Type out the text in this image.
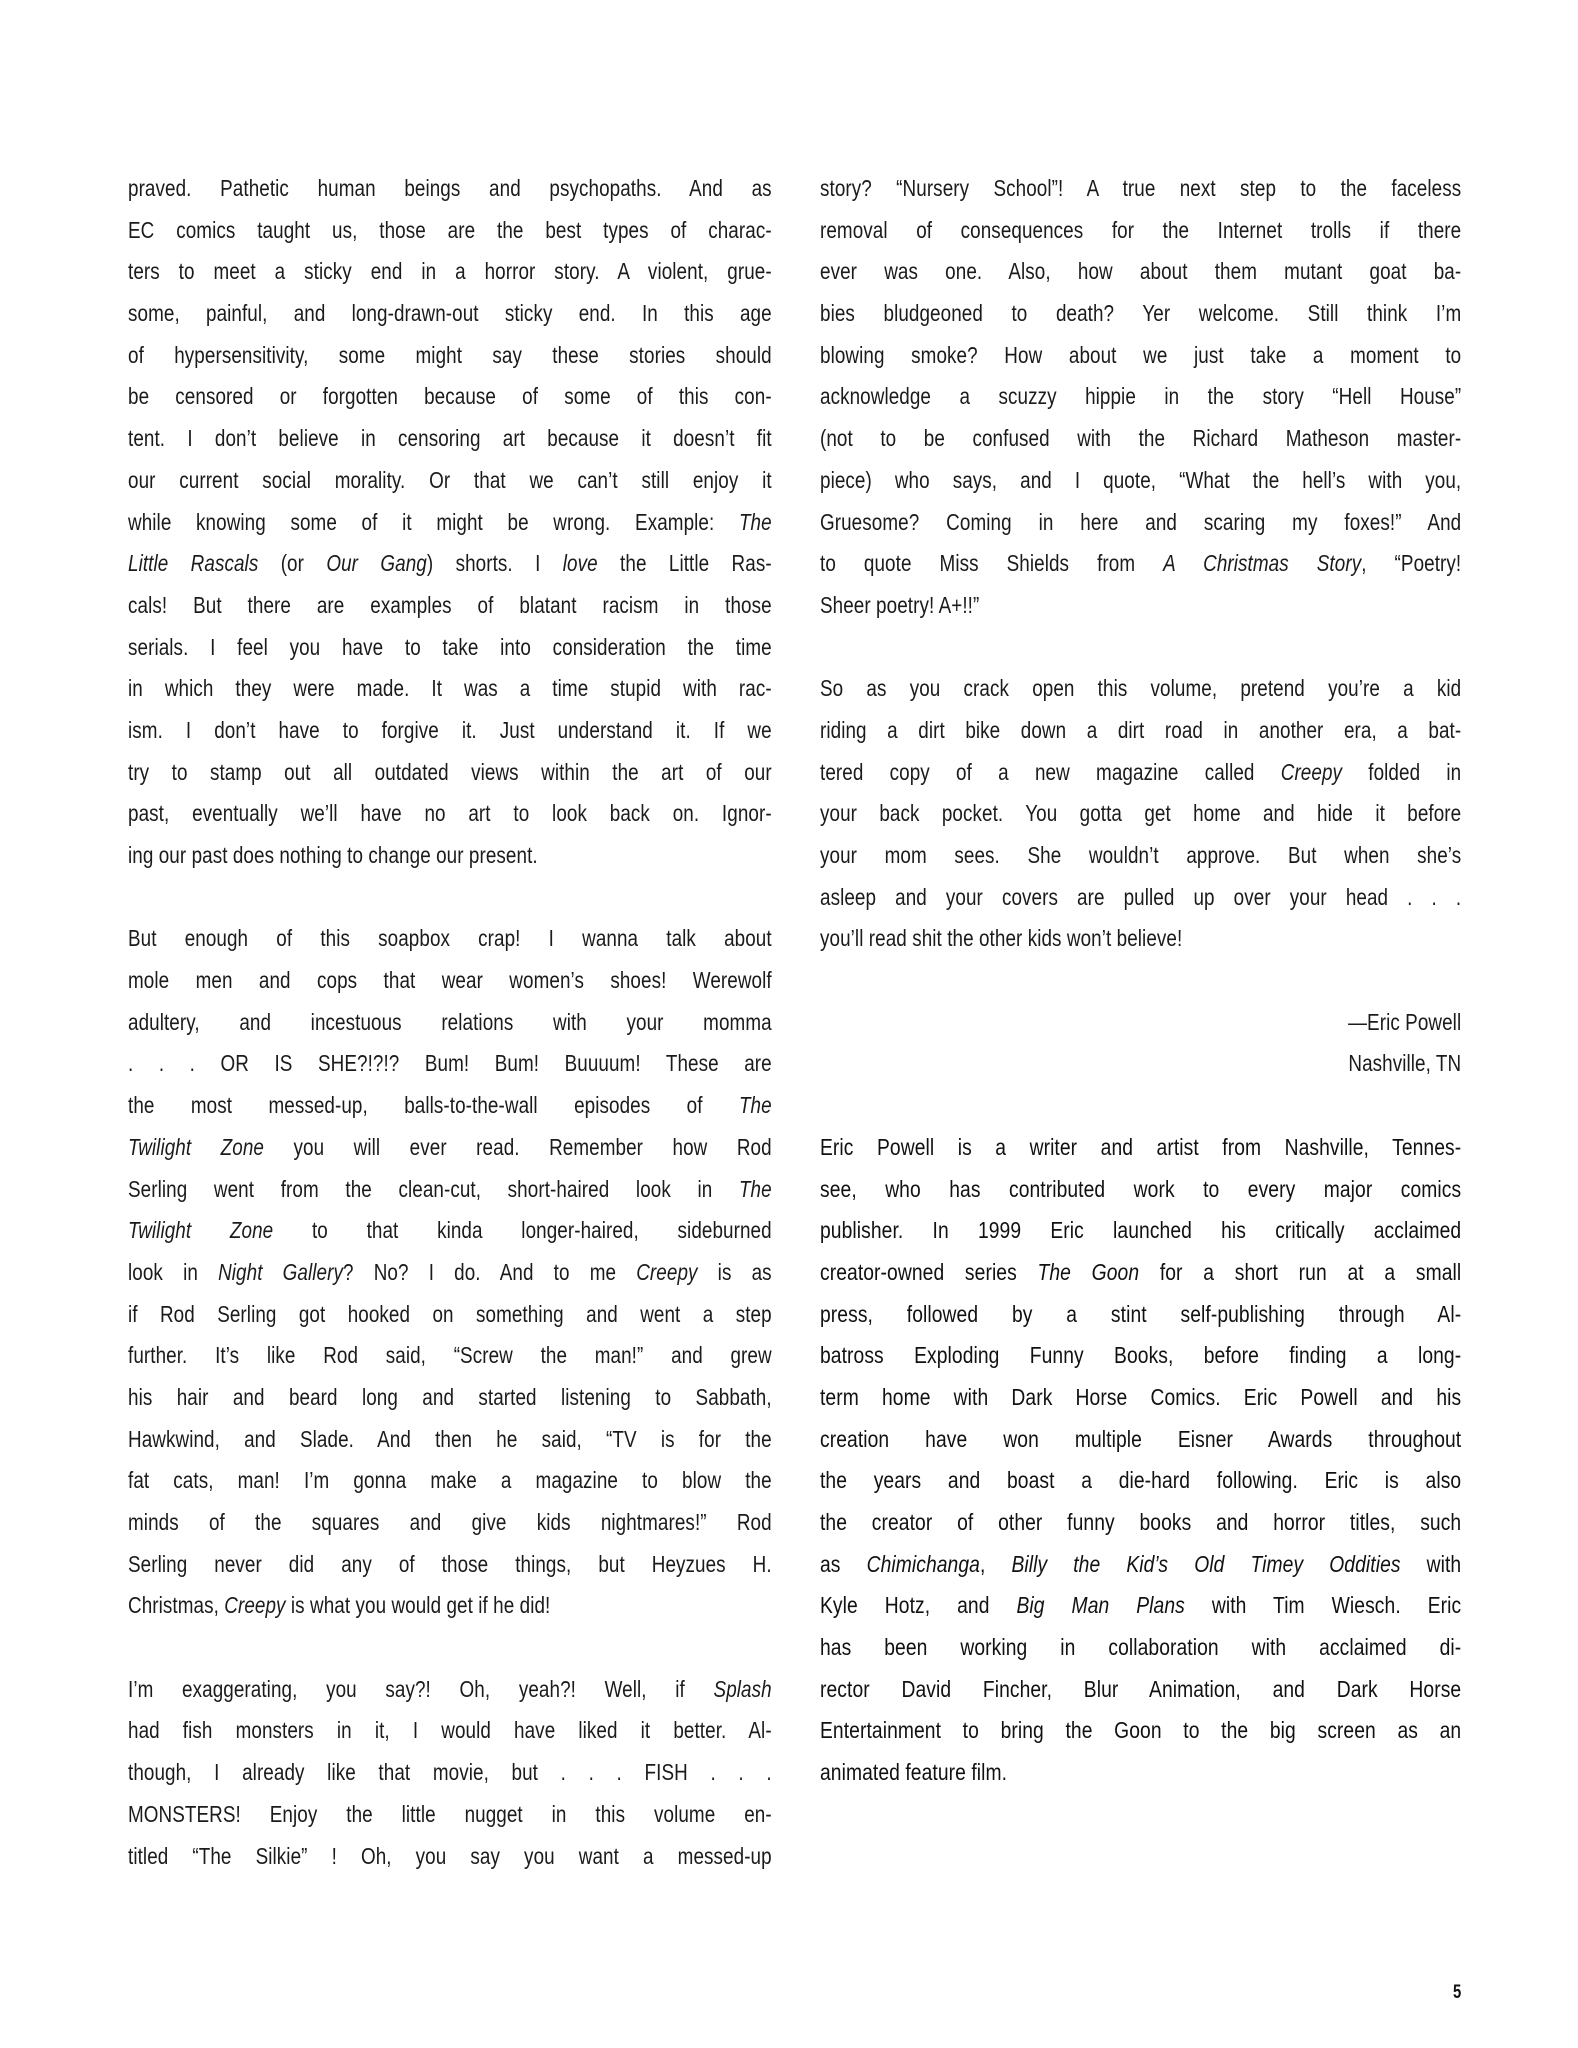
praved. Pathetic human beings and psychopaths. And as
EC comics taught us, those are the best types of charac-
ters to meet a sticky end in a horror story. A violent, grue-
some, painful, and long-drawn-out sticky end. In this age
of hypersensitivity, some might say these stories should
be censored or forgotten because of some of this con-
tent. I don’t believe in censoring art because it doesn’t fit
our current social morality. Or that we can’t still enjoy it
while knowing some of it might be wrong. Example: The
Little Rascals (or Our Gang) shorts. I love the Little Ras-
cals! But there are examples of blatant racism in those
serials. I feel you have to take into consideration the time
in which they were made. It was a time stupid with rac-
ism. I don’t have to forgive it. Just understand it. If we
try to stamp out all outdated views within the art of our
past, eventually we’ll have no art to look back on. Ignor-
ing our past does nothing to change our present.
But enough of this soapbox crap! I wanna talk about
mole men and cops that wear women’s shoes! Werewolf
adultery, and incestuous relations with your momma
. . . OR IS SHE?!?!? Bum! Bum! Buuuum! These are
the most messed-up, balls-to-the-wall episodes of The
Twilight Zone you will ever read. Remember how Rod
Serling went from the clean-cut, short-haired look in The
Twilight Zone to that kinda longer-haired, sideburned
look in Night Gallery? No? I do. And to me Creepy is as
if Rod Serling got hooked on something and went a step
further. It’s like Rod said, “Screw the man!” and grew
his hair and beard long and started listening to Sabbath,
Hawkwind, and Slade. And then he said, “TV is for the
fat cats, man! I’m gonna make a magazine to blow the
minds of the squares and give kids nightmares!” Rod
Serling never did any of those things, but Heyzues H.
Christmas, Creepy is what you would get if he did!
I’m exaggerating, you say?! Oh, yeah?! Well, if Splash
had fish monsters in it, I would have liked it better. Al-
though, I already like that movie, but . . . FISH . . .
MONSTERS! Enjoy the little nugget in this volume en-
titled “The Silkie” ! Oh, you say you want a messed-up
story? “Nursery School”! A true next step to the faceless
removal of consequences for the Internet trolls if there
ever was one. Also, how about them mutant goat ba-
bies bludgeoned to death? Yer welcome. Still think I’m
blowing smoke? How about we just take a moment to
acknowledge a scuzzy hippie in the story “Hell House”
(not to be confused with the Richard Matheson master-
piece) who says, and I quote, “What the hell’s with you,
Gruesome? Coming in here and scaring my foxes!” And
to quote Miss Shields from A Christmas Story, “Poetry!
Sheer poetry! A+!!”
So as you crack open this volume, pretend you’re a kid
riding a dirt bike down a dirt road in another era, a bat-
tered copy of a new magazine called Creepy folded in
your back pocket. You gotta get home and hide it before
your mom sees. She wouldn’t approve. But when she’s
asleep and your covers are pulled up over your head . . .
you’ll read shit the other kids won’t believe!
—Eric Powell
Nashville, TN
Eric Powell is a writer and artist from Nashville, Tennes-
see, who has contributed work to every major comics
publisher. In 1999 Eric launched his critically acclaimed
creator-owned series The Goon for a short run at a small
press, followed by a stint self-publishing through Al-
batross Exploding Funny Books, before finding a long-
term home with Dark Horse Comics. Eric Powell and his
creation have won multiple Eisner Awards throughout
the years and boast a die-hard following. Eric is also
the creator of other funny books and horror titles, such
as Chimichanga, Billy the Kid’s Old Timey Oddities with
Kyle Hotz, and Big Man Plans with Tim Wiesch. Eric
has been working in collaboration with acclaimed di-
rector David Fincher, Blur Animation, and Dark Horse
Entertainment to bring the Goon to the big screen as an
animated feature film.
5
